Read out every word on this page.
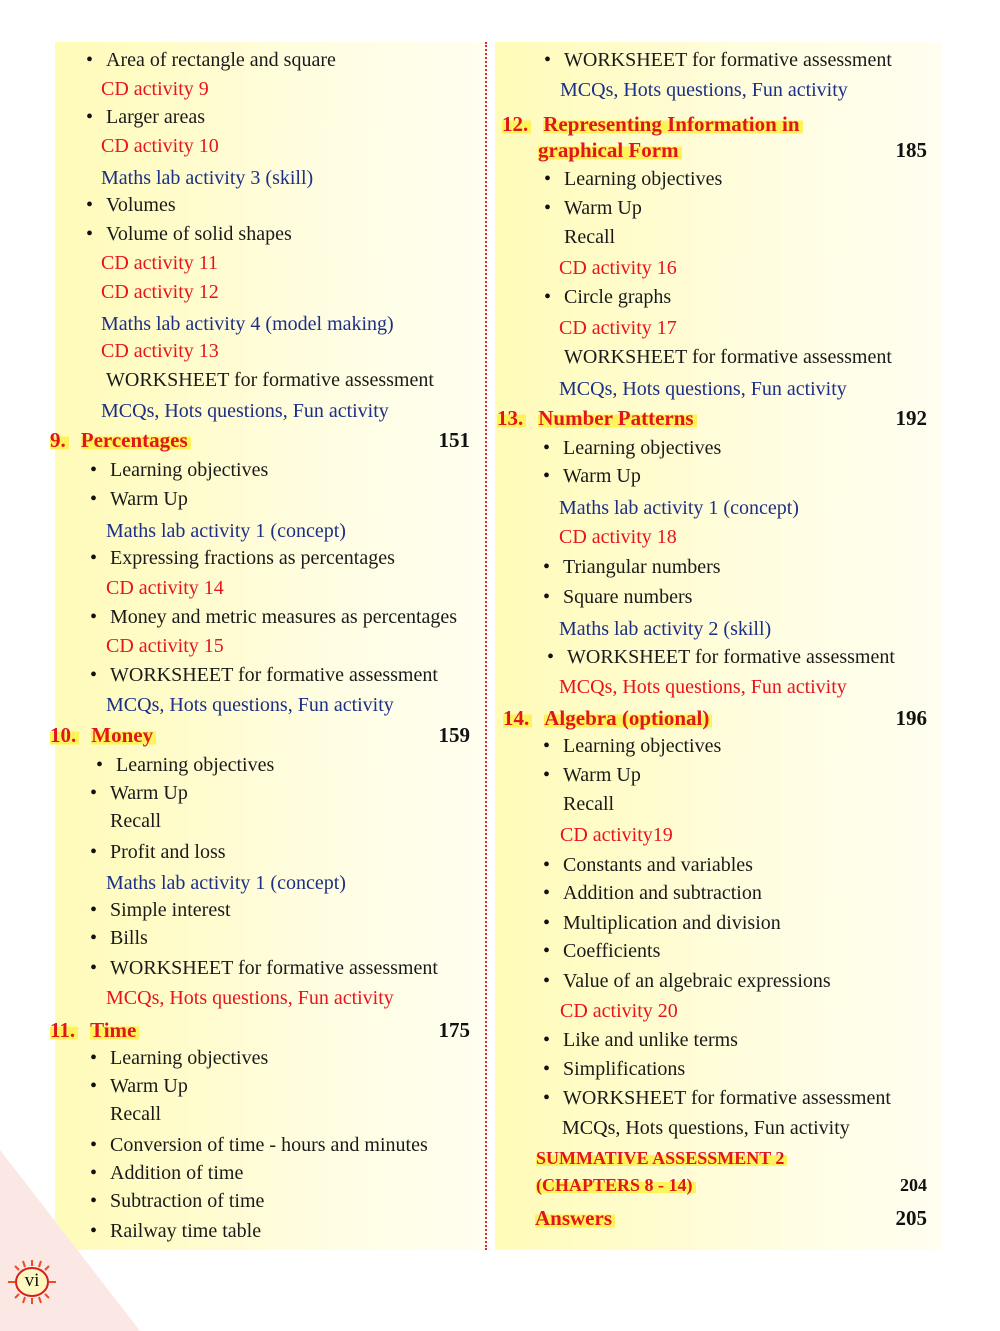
• Area of rectangle and square
CD activity 9
• Larger areas
CD activity 10
Maths lab activity 3 (skill)
• Volumes
• Volume of solid shapes
CD activity 11
CD activity 12
Maths lab activity 4 (model making)
CD activity 13
WORKSHEET for formative assessment
MCQs, Hots questions, Fun activity
9. Percentages	151
• Learning objectives
• Warm Up
Maths lab activity 1 (concept)
• Expressing fractions as percentages
CD activity 14
• Money and metric measures as percentages
CD activity 15
• WORKSHEET for formative assessment
MCQs, Hots questions, Fun activity
10. Money	159
• Learning objectives
• Warm Up
Recall
• Profit and loss
Maths lab activity 1 (concept)
• Simple interest
• Bills
• WORKSHEET for formative assessment
MCQs, Hots questions, Fun activity
11. Time	175
• Learning objectives
• Warm Up
Recall
• Conversion of time - hours and minutes
• Addition of time
• Subtraction of time
• Railway time table
• WORKSHEET for formative assessment
MCQs, Hots questions, Fun activity
12. Representing Information in
graphical Form	185
• Learning objectives
• Warm Up
Recall
CD activity 16
• Circle graphs
CD activity 17
WORKSHEET for formative assessment
MCQs, Hots questions, Fun activity
13. Number Patterns	192
• Learning objectives
• Warm Up
Maths lab activity 1 (concept)
CD activity 18
• Triangular numbers
• Square numbers
Maths lab activity 2 (skill)
• WORKSHEET for formative assessment
MCQs, Hots questions, Fun activity
14. Algebra (optional)	196
• Learning objectives
• Warm Up
Recall
CD activity19
• Constants and variables
• Addition and subtraction
• Multiplication and division
• Coefficients
• Value of an algebraic expressions
CD activity 20
• Like and unlike terms
• Simplifications
• WORKSHEET for formative assessment
MCQs, Hots questions, Fun activity
SUMMATIVE ASSESSMENT 2
(CHAPTERS 8 - 14)	204
Answers	205
vi
